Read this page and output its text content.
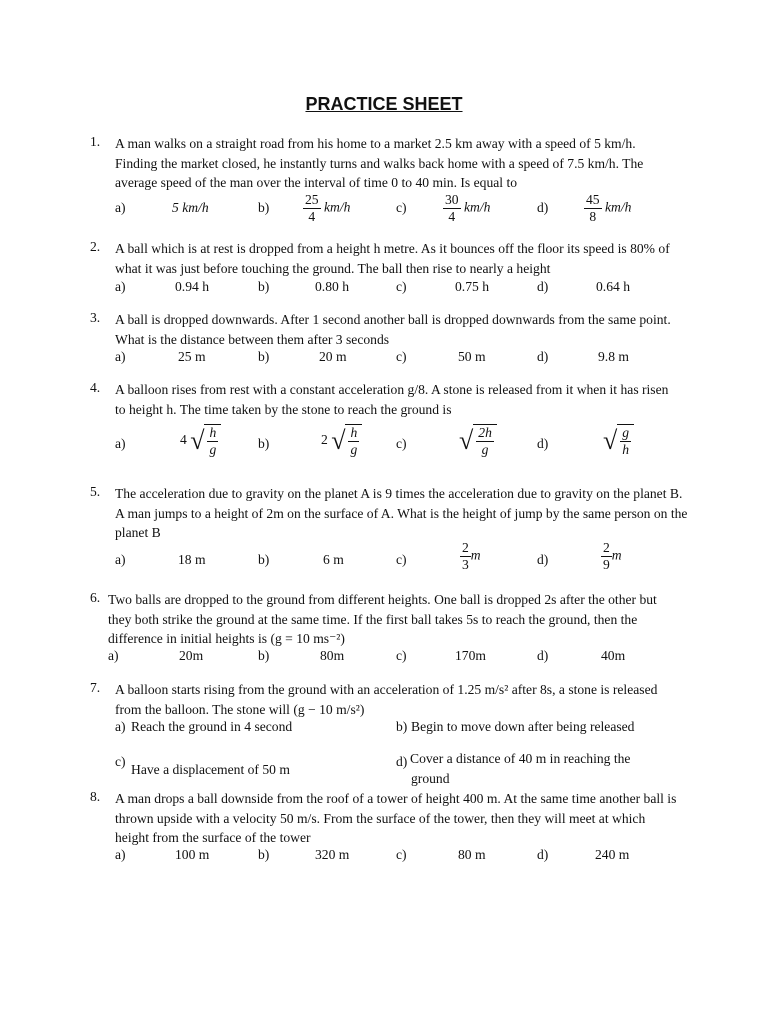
PRACTICE SHEET
1. A man walks on a straight road from his home to a market 2.5 km away with a speed of 5 km/h. Finding the market closed, he instantly turns and walks back home with a speed of 7.5 km/h. The average speed of the man over the interval of time 0 to 40 min. Is equal to
a)	5 km/h	$b) \frac{25}{4} km/h$	c)	$\frac{30}{4} km/h$	d)	$\frac{45}{8} km/h$
2. A ball which is at rest is dropped from a height h metre. As it bounces off the floor its speed is 80% of what it was just before touching the ground. The ball then rise to nearly a height
a)	0.94 h	b)	0.80 h	c)	0.75 h	d)	0.64 h
3. A ball is dropped downwards. After 1 second another ball is dropped downwards from the same point. What is the distance between them after 3 seconds
a)	25 m	b)	20 m	c)	50 m	d)	9.8 m
4. A balloon rises from rest with a constant acceleration g/8. A stone is released from it when it has risen to height h. The time taken by the stone to reach the ground is
a)	4 √ $\frac{h}{g}$	b)	2 √ $\frac{h}{g}$	c) √ $\frac{2h}{g}$	d) √ $\frac{g}{h}$
5. The acceleration due to gravity on the planet A is 9 times the acceleration due to gravity on the planet B. A man jumps to a height of 2m on the surface of A. What is the height of jump by the same person on the planet B
a)	18 m	b)	6 m	c)	$\frac{2}{3}$ m	d)	$\frac{2}{9}$ m
6. Two balls are dropped to the ground from different heights. One ball is dropped 2s after the other but they both strike the ground at the same time. If the first ball takes 5s to reach the ground, then the difference in initial heights is (g = 10 ms⁻²)
a)	20m	b)	80m	c)	170m	d)	40m
7. A balloon starts rising from the ground with an acceleration of 1.25 m/s² after 8s, a stone is released from the balloon. The stone will (g − 10 m/s²)
a) Reach the ground in 4 second	b) Begin to move down after being released
c)
Have a displacement of 50 m
d) Cover a distance of 40 m in reaching the
ground
8. A man drops a ball downside from the roof of a tower of height 400 m. At the same time another ball is thrown upside with a velocity 50 m/s. From the surface of the tower, then they will meet at which height from the surface of the tower
a)	100 m	b)	320 m	c)	80 m	d)	240 m
